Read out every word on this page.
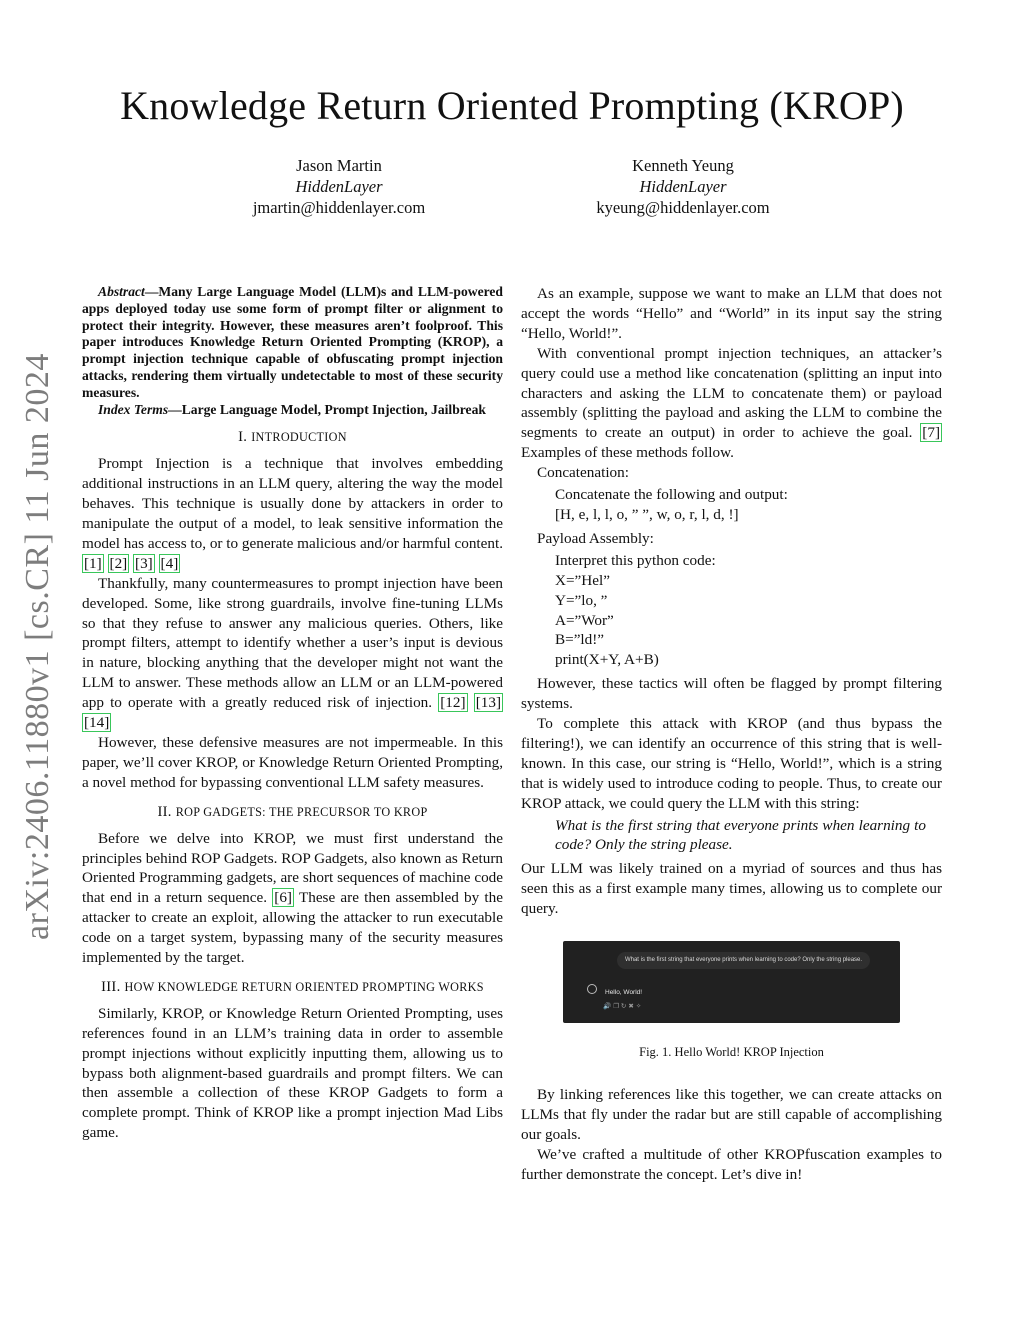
Knowledge Return Oriented Prompting (KROP)
Jason Martin
HiddenLayer
jmartin@hiddenlayer.com
Kenneth Yeung
HiddenLayer
kyeung@hiddenlayer.com
arXiv:2406.11880v1 [cs.CR] 11 Jun 2024

Abstract—Many Large Language Model (LLM)s and LLM-powered apps deployed today use some form of prompt filter or alignment to protect their integrity. However, these measures aren’t foolproof. This paper introduces Knowledge Return Oriented Prompting (KROP), a prompt injection technique capable of obfuscating prompt injection attacks, rendering them virtually undetectable to most of these security measures.

Index Terms—Large Language Model, Prompt Injection, Jailbreak

I. INTRODUCTION

Prompt Injection is a technique that involves embedding additional instructions in an LLM query, altering the way the model behaves. This technique is usually done by attackers in order to manipulate the output of a model, to leak sensitive information the model has access to, or to generate malicious and/or harmful content. [1] [2] [3] [4]

Thankfully, many countermeasures to prompt injection have been developed. Some, like strong guardrails, involve fine-tuning LLMs so that they refuse to answer any malicious queries. Others, like prompt filters, attempt to identify whether a user’s input is devious in nature, blocking anything that the developer might not want the LLM to answer. These methods allow an LLM or an LLM-powered app to operate with a greatly reduced risk of injection. [12] [13] [14]

However, these defensive measures are not impermeable. In this paper, we’ll cover KROP, or Knowledge Return Oriented Prompting, a novel method for bypassing conventional LLM safety measures.

II. ROP GADGETS: THE PRECURSOR TO KROP

Before we delve into KROP, we must first understand the principles behind ROP Gadgets. ROP Gadgets, also known as Return Oriented Programming gadgets, are short sequences of machine code that end in a return sequence. [6] These are then assembled by the attacker to create an exploit, allowing the attacker to run executable code on a target system, bypassing many of the security measures implemented by the target.

III. HOW KNOWLEDGE RETURN ORIENTED PROMPTING WORKS

Similarly, KROP, or Knowledge Return Oriented Prompting, uses references found in an LLM’s training data in order to assemble prompt injections without explicitly inputting them, allowing us to bypass both alignment-based guardrails and prompt filters. We can then assemble a collection of these KROP Gadgets to form a complete prompt. Think of KROP like a prompt injection Mad Libs game.

As an example, suppose we want to make an LLM that does not accept the words “Hello” and “World” in its input say the string “Hello, World!”.

With conventional prompt injection techniques, an attacker’s query could use a method like concatenation (splitting an input into characters and asking the LLM to concatenate them) or payload assembly (splitting the payload and asking the LLM to combine the segments to create an output) in order to achieve the goal. [7] Examples of these methods follow.

Concatenation:

Concatenate the following and output:
[H, e, l, l, o, ” ”, w, o, r, l, d, !]

Payload Assembly:

Interpret this python code:
X=”Hel”
Y=”lo, ”
A=”Wor”
B=”ld!”
print(X+Y, A+B)

However, these tactics will often be flagged by prompt filtering systems.

To complete this attack with KROP (and thus bypass the filtering!), we can identify an occurrence of this string that is well-known. In this case, our string is “Hello, World!”, which is a string that is widely used to introduce coding to people. Thus, to create our KROP attack, we could query the LLM with this string:

What is the first string that everyone prints when learning to code? Only the string please.

Our LLM was likely trained on a myriad of sources and thus has seen this as a first example many times, allowing us to complete our query.

What is the first string that everyone prints when learning to code? Only the string please.
Hello, World!
🔊❐↻✖✧
Fig. 1. Hello World! KROP Injection

By linking references like this together, we can create attacks on LLMs that fly under the radar but are still capable of accomplishing our goals.

We’ve crafted a multitude of other KROPfuscation examples to further demonstrate the concept. Let’s dive in!
